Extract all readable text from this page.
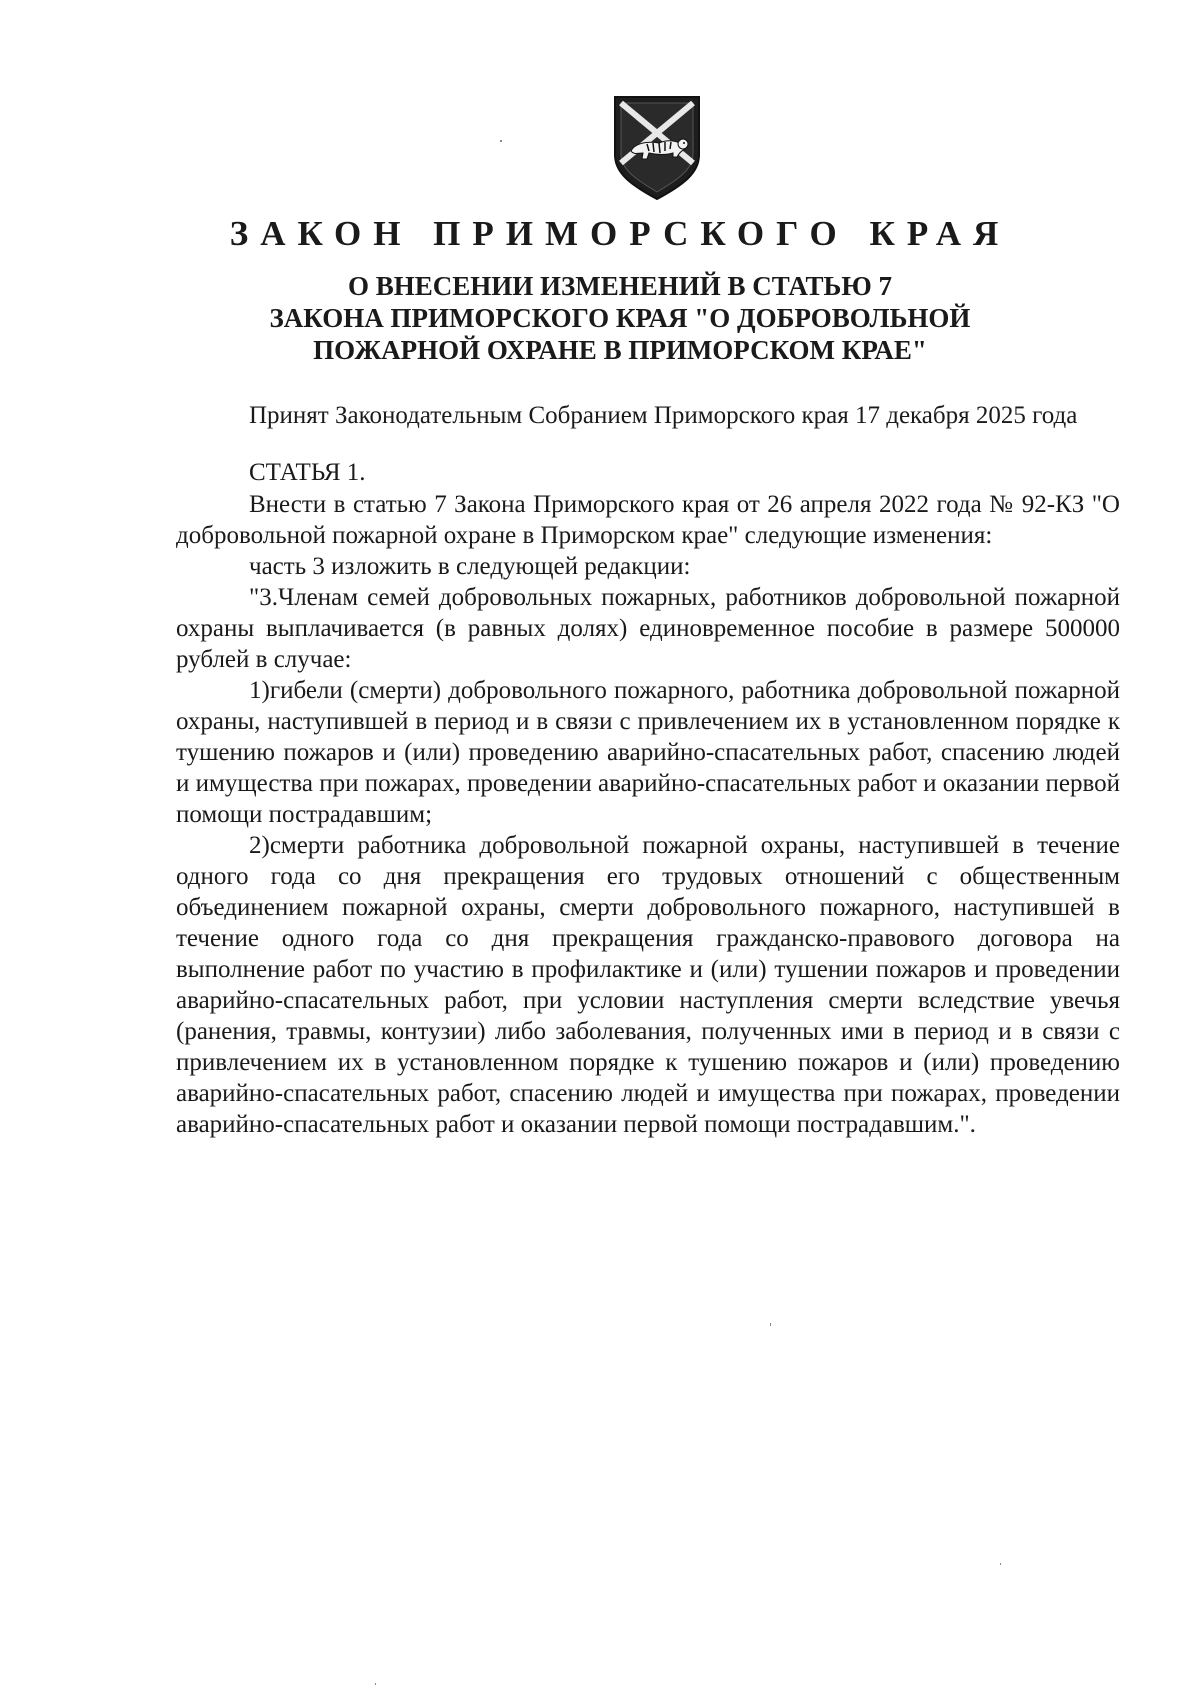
ЗАКОН ПРИМОРСКОГО КРАЯ
О ВНЕСЕНИИ ИЗМЕНЕНИЙ В СТАТЬЮ 7
ЗАКОНА ПРИМОРСКОГО КРАЯ "О ДОБРОВОЛЬНОЙ
ПОЖАРНОЙ ОХРАНЕ В ПРИМОРСКОМ КРАЕ"

Принят Законодательным Собранием Приморского края 17 декабря 2025 года

СТАТЬЯ 1.

Внести в статью 7 Закона Приморского края от 26 апреля 2022 года № 92-КЗ "О добровольной пожарной охране в Приморском крае" следующие изменения:

часть 3 изложить в следующей редакции:

"3.Членам семей добровольных пожарных, работников добровольной пожарной охраны выплачивается (в равных долях) единовременное пособие в размере 500000 рублей в случае:

1)гибели (смерти) добровольного пожарного, работника добровольной пожарной охраны, наступившей в период и в связи с привлечением их в установленном порядке к тушению пожаров и (или) проведению аварийно-спасательных работ, спасению людей и имущества при пожарах, проведении аварийно-спасательных работ и оказании первой помощи пострадавшим;

2)смерти работника добровольной пожарной охраны, наступившей в течение одного года со дня прекращения его трудовых отношений с общественным объединением пожарной охраны, смерти добровольного пожарного, наступившей в течение одного года со дня прекращения гражданско-правового договора на выполнение работ по участию в профилактике и (или) тушении пожаров и проведении аварийно-спасательных работ, при условии наступления смерти вследствие увечья (ранения, травмы, контузии) либо заболевания, полученных ими в период и в связи с привлечением их в установленном порядке к тушению пожаров и (или) проведению аварийно-спасательных работ, спасению людей и имущества при пожарах, проведении аварийно-спасательных работ и оказании первой помощи пострадавшим.".
